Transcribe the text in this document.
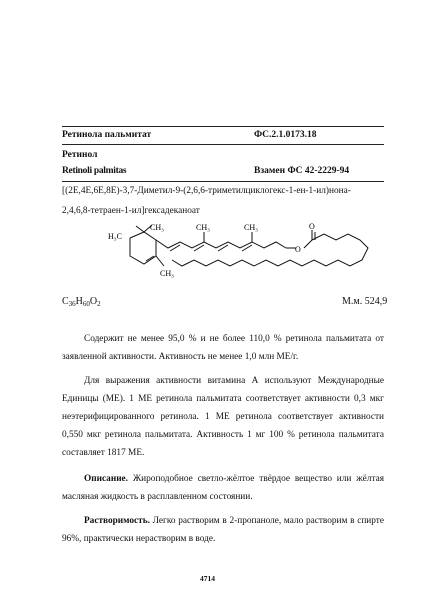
Ретинола пальмитат	ФС.2.1.0173.18
Ретинол
Retinoli palmitas	Взамен ФС 42-2229-94
[(2E,4E,6E,8E)-3,7-Диметил-9-(2,6,6-триметилциклогекс-1-ен-1-ил)нона-
2,4,6,8-тетраен-1-ил]гексадеканоат
H₃C
CH₃
CH₃
CH₃	CH₃
O
O
$C_{36}H_{60}O_2$	М.м. 524,9

Содержит не менее 95,0 % и не более 110,0 % ретинола пальмитата от заявленной активности. Активность не менее 1,0 млн МЕ/г.

Для выражения активности витамина А используют Международные Единицы (МЕ). 1 МЕ ретинола пальмитата соответствует активности 0,3 мкг неэтерифицированного ретинола. 1 МЕ ретинола соответствует активности 0,550 мкг ретинола пальмитата. Активность 1 мг 100 % ретинола пальмитата составляет 1817 МЕ.

Описание. Жироподобное светло-жёлтое твёрдое вещество или жёлтая масляная жидкость в расплавленном состоянии.

Растворимость. Легко растворим в 2-пропаноле, мало растворим в спирте 96%, практически нерастворим в воде.

4714
